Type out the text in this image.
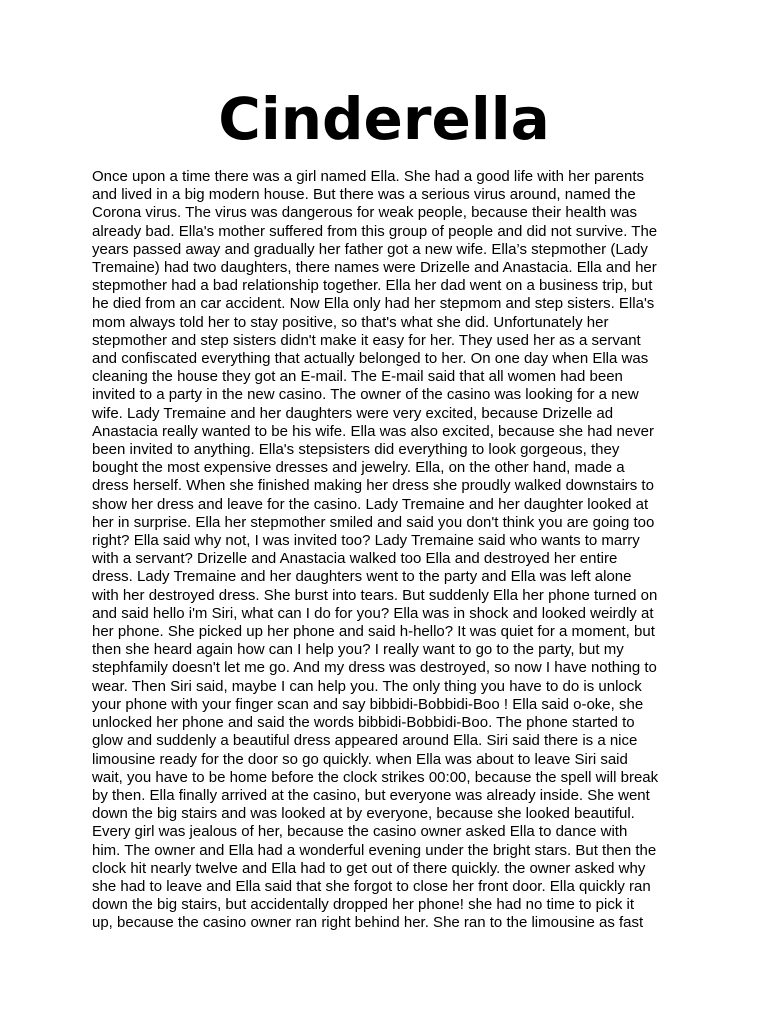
Cinderella
Once upon a time there was a girl named Ella. She had a good life with her parents
and lived in a big modern house. But there was a serious virus around, named the
Corona virus. The virus was dangerous for weak people, because their health was
already bad. Ella's mother suffered from this group of people and did not survive. The
years passed away and gradually her father got a new wife. Ella’s stepmother (Lady
Tremaine) had two daughters, there names were Drizelle and Anastacia. Ella and her
stepmother had a bad relationship together. Ella her dad went on a business trip, but
he died from an car accident. Now Ella only had her stepmom and step sisters. Ella's
mom always told her to stay positive, so that's what she did. Unfortunately her
stepmother and step sisters didn't make it easy for her. They used her as a servant
and confiscated everything that actually belonged to her. On one day when Ella was
cleaning the house they got an E-mail. The E-mail said that all women had been
invited to a party in the new casino. The owner of the casino was looking for a new
wife. Lady Tremaine and her daughters were very excited, because Drizelle ad
Anastacia really wanted to be his wife. Ella was also excited, because she had never
been invited to anything. Ella's stepsisters did everything to look gorgeous, they
bought the most expensive dresses and jewelry. Ella, on the other hand, made a
dress herself. When she finished making her dress she proudly walked downstairs to
show her dress and leave for the casino. Lady Tremaine and her daughter looked at
her in surprise. Ella her stepmother smiled and said you don't think you are going too
right? Ella said why not, I was invited too? Lady Tremaine said who wants to marry
with a servant? Drizelle and Anastacia walked too Ella and destroyed her entire
dress. Lady Tremaine and her daughters went to the party and Ella was left alone
with her destroyed dress. She burst into tears. But suddenly Ella her phone turned on
and said hello i'm Siri, what can I do for you? Ella was in shock and looked weirdly at
her phone. She picked up her phone and said h-hello? It was quiet for a moment, but
then she heard again how can I help you? I really want to go to the party, but my
stephfamily doesn't let me go. And my dress was destroyed, so now I have nothing to
wear. Then Siri said, maybe I can help you. The only thing you have to do is unlock
your phone with your finger scan and say bibbidi-Bobbidi-Boo ! Ella said o-oke, she
unlocked her phone and said the words bibbidi-Bobbidi-Boo. The phone started to
glow and suddenly a beautiful dress appeared around Ella. Siri said there is a nice
limousine ready for the door so go quickly. when Ella was about to leave Siri said
wait, you have to be home before the clock strikes 00:00, because the spell will break
by then. Ella finally arrived at the casino, but everyone was already inside. She went
down the big stairs and was looked at by everyone, because she looked beautiful.
Every girl was jealous of her, because the casino owner asked Ella to dance with
him. The owner and Ella had a wonderful evening under the bright stars. But then the
clock hit nearly twelve and Ella had to get out of there quickly. the owner asked why
she had to leave and Ella said that she forgot to close her front door. Ella quickly ran
down the big stairs, but accidentally dropped her phone! she had no time to pick it
up, because the casino owner ran right behind her. She ran to the limousine as fast
